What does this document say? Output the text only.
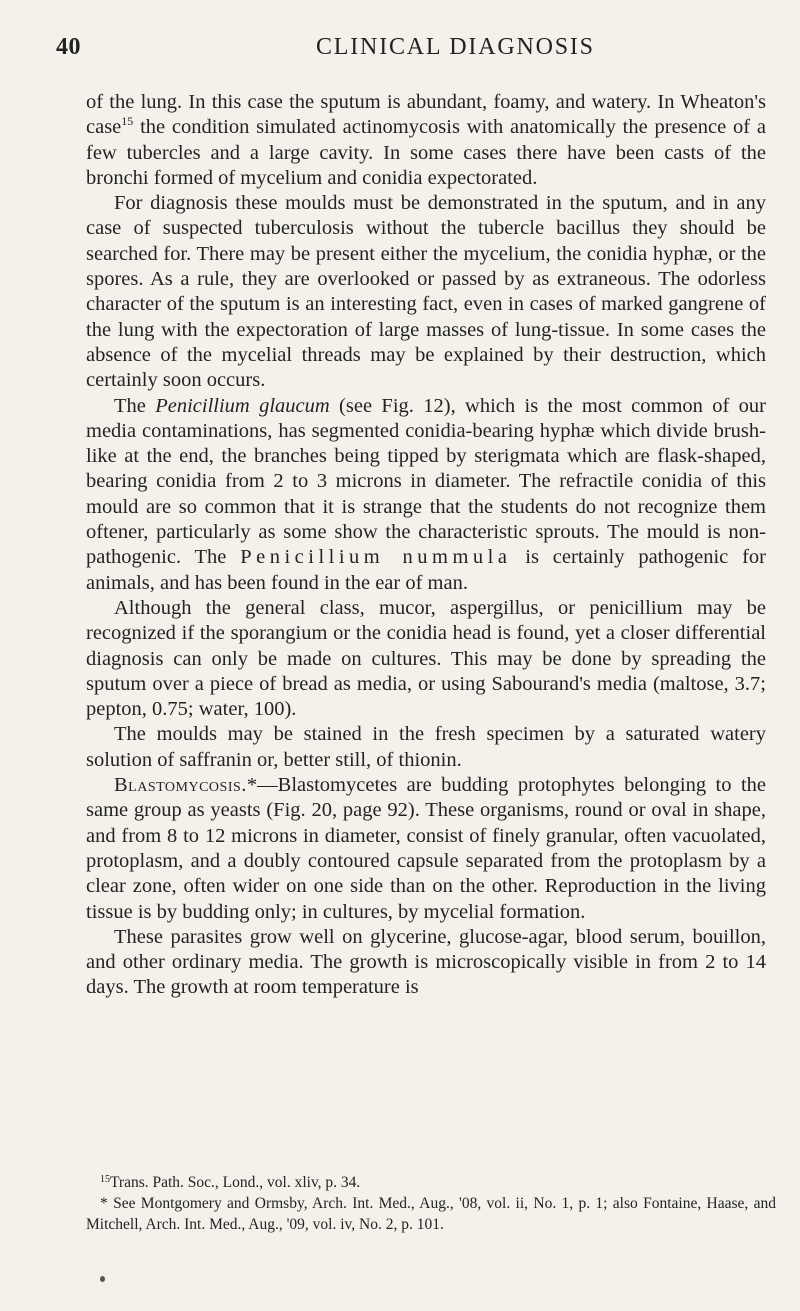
40	CLINICAL DIAGNOSIS

of the lung. In this case the sputum is abundant, foamy, and watery. In Wheaton's case$^{15}$ the condition simulated actinomycosis with anatomically the presence of a few tubercles and a large cavity. In some cases there have been casts of the bronchi formed of mycelium and conidia expectorated.

For diagnosis these moulds must be demonstrated in the sputum, and in any case of suspected tuberculosis without the tubercle bacillus they should be searched for. There may be present either the mycelium, the conidia hyphæ, or the spores. As a rule, they are overlooked or passed by as extraneous. The odorless character of the sputum is an interesting fact, even in cases of marked gangrene of the lung with the expectoration of large masses of lung-tissue. In some cases the absence of the mycelial threads may be explained by their destruction, which certainly soon occurs.

The Penicillium glaucum (see Fig. 12), which is the most common of our media contaminations, has segmented conidia-bearing hyphæ which divide brush-like at the end, the branches being tipped by sterigmata which are flask-shaped, bearing conidia from 2 to 3 microns in diameter. The refractile conidia of this mould are so common that it is strange that the students do not recognize them oftener, particularly as some show the characteristic sprouts. The mould is non-pathogenic. The Penicillium nummula is certainly pathogenic for animals, and has been found in the ear of man.

Although the general class, mucor, aspergillus, or penicillium may be recognized if the sporangium or the conidia head is found, yet a closer differential diagnosis can only be made on cultures. This may be done by spreading the sputum over a piece of bread as media, or using Sabourand's media (maltose, 3.7; pepton, 0.75; water, 100).

The moulds may be stained in the fresh specimen by a saturated watery solution of saffranin or, better still, of thionin.

Blastomycosis.*—Blastomycetes are budding protophytes belonging to the same group as yeasts (Fig. 20, page 92). These organisms, round or oval in shape, and from 8 to 12 microns in diameter, consist of finely granular, often vacuolated, protoplasm, and a doubly contoured capsule separated from the protoplasm by a clear zone, often wider on one side than on the other. Reproduction in the living tissue is by budding only; in cultures, by mycelial formation.

These parasites grow well on glycerine, glucose-agar, blood serum, bouillon, and other ordinary media. The growth is microscopically visible in from 2 to 14 days. The growth at room temperature is

$^{15}$Trans. Path. Soc., Lond., vol. xliv, p. 34.

* See Montgomery and Ormsby, Arch. Int. Med., Aug., '08, vol. ii, No. 1, p. 1; also Fontaine, Haase, and Mitchell, Arch. Int. Med., Aug., '09, vol. iv, No. 2, p. 101.
